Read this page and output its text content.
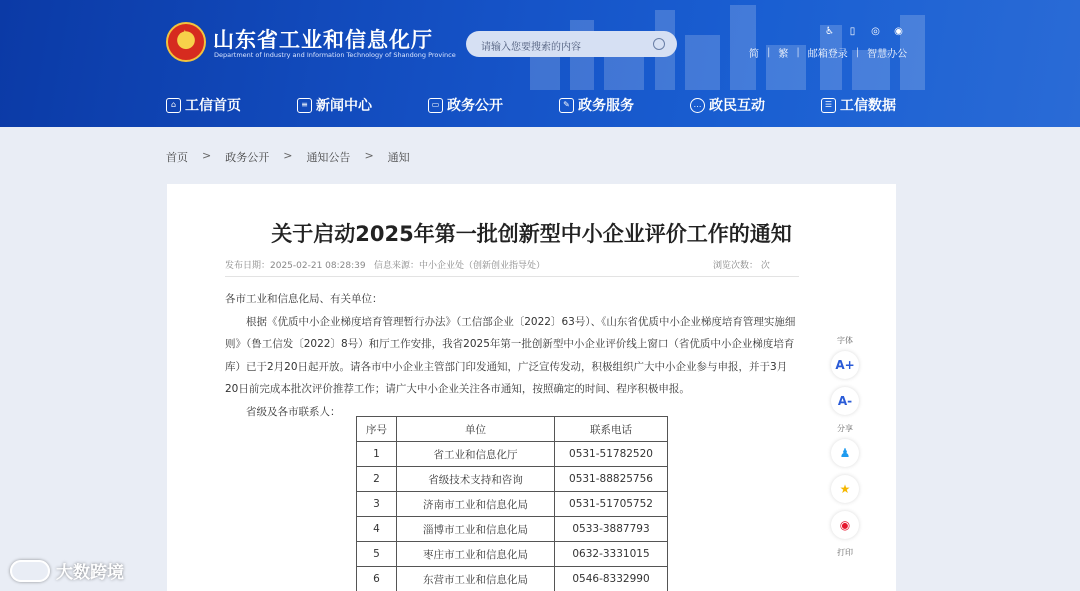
★
山东省工业和信息化厅
Department of Industry and Information Technology of Shandong Province
请输入您要搜索的内容
♿	▯	◎ ◉
简 | 繁 | 邮箱登录 | 智慧办公
⌂ 工信首页	≡ 新闻中心	▭ 政务公开	✎ 政务服务	… 政民互动	☰ 工信数据
首页 > 政务公开 > 通知公告 > 通知
关于启动2025年第一批创新型中小企业评价工作的通知
发布日期：2025-02-21 08:28:39 信息来源：中小企业处（创新创业指导处）	浏览次数： 次

各市工业和信息化局、有关单位：

根据《优质中小企业梯度培育管理暂行办法》（工信部企业〔2022〕63号）、《山东省优质中小企业梯度培育管理实施细则》（鲁工信发〔2022〕8号）和厅工作安排，我省2025年第一批创新型中小企业评价线上窗口（省优质中小企业梯度培育库）已于2月20日起开放。请各市中小企业主管部门印发通知，广泛宣传发动，积极组织广大中小企业参与申报，并于3月20日前完成本批次评价推荐工作；请广大中小企业关注各市通知，按照确定的时间、程序积极申报。

省级及各市联系人：

序号	单位	联系电话
1	省工业和信息化厅	0531-51782520
2	省级技术支持和咨询	0531-88825756
3	济南市工业和信息化局	0531-51705752
4	淄博市工业和信息化局	0533-3887793
5	枣庄市工业和信息化局	0632-3331015
6	东营市工业和信息化局	0546-8332990
字体
A+
A-
分享
♟
★
◉
打印
大数跨境
